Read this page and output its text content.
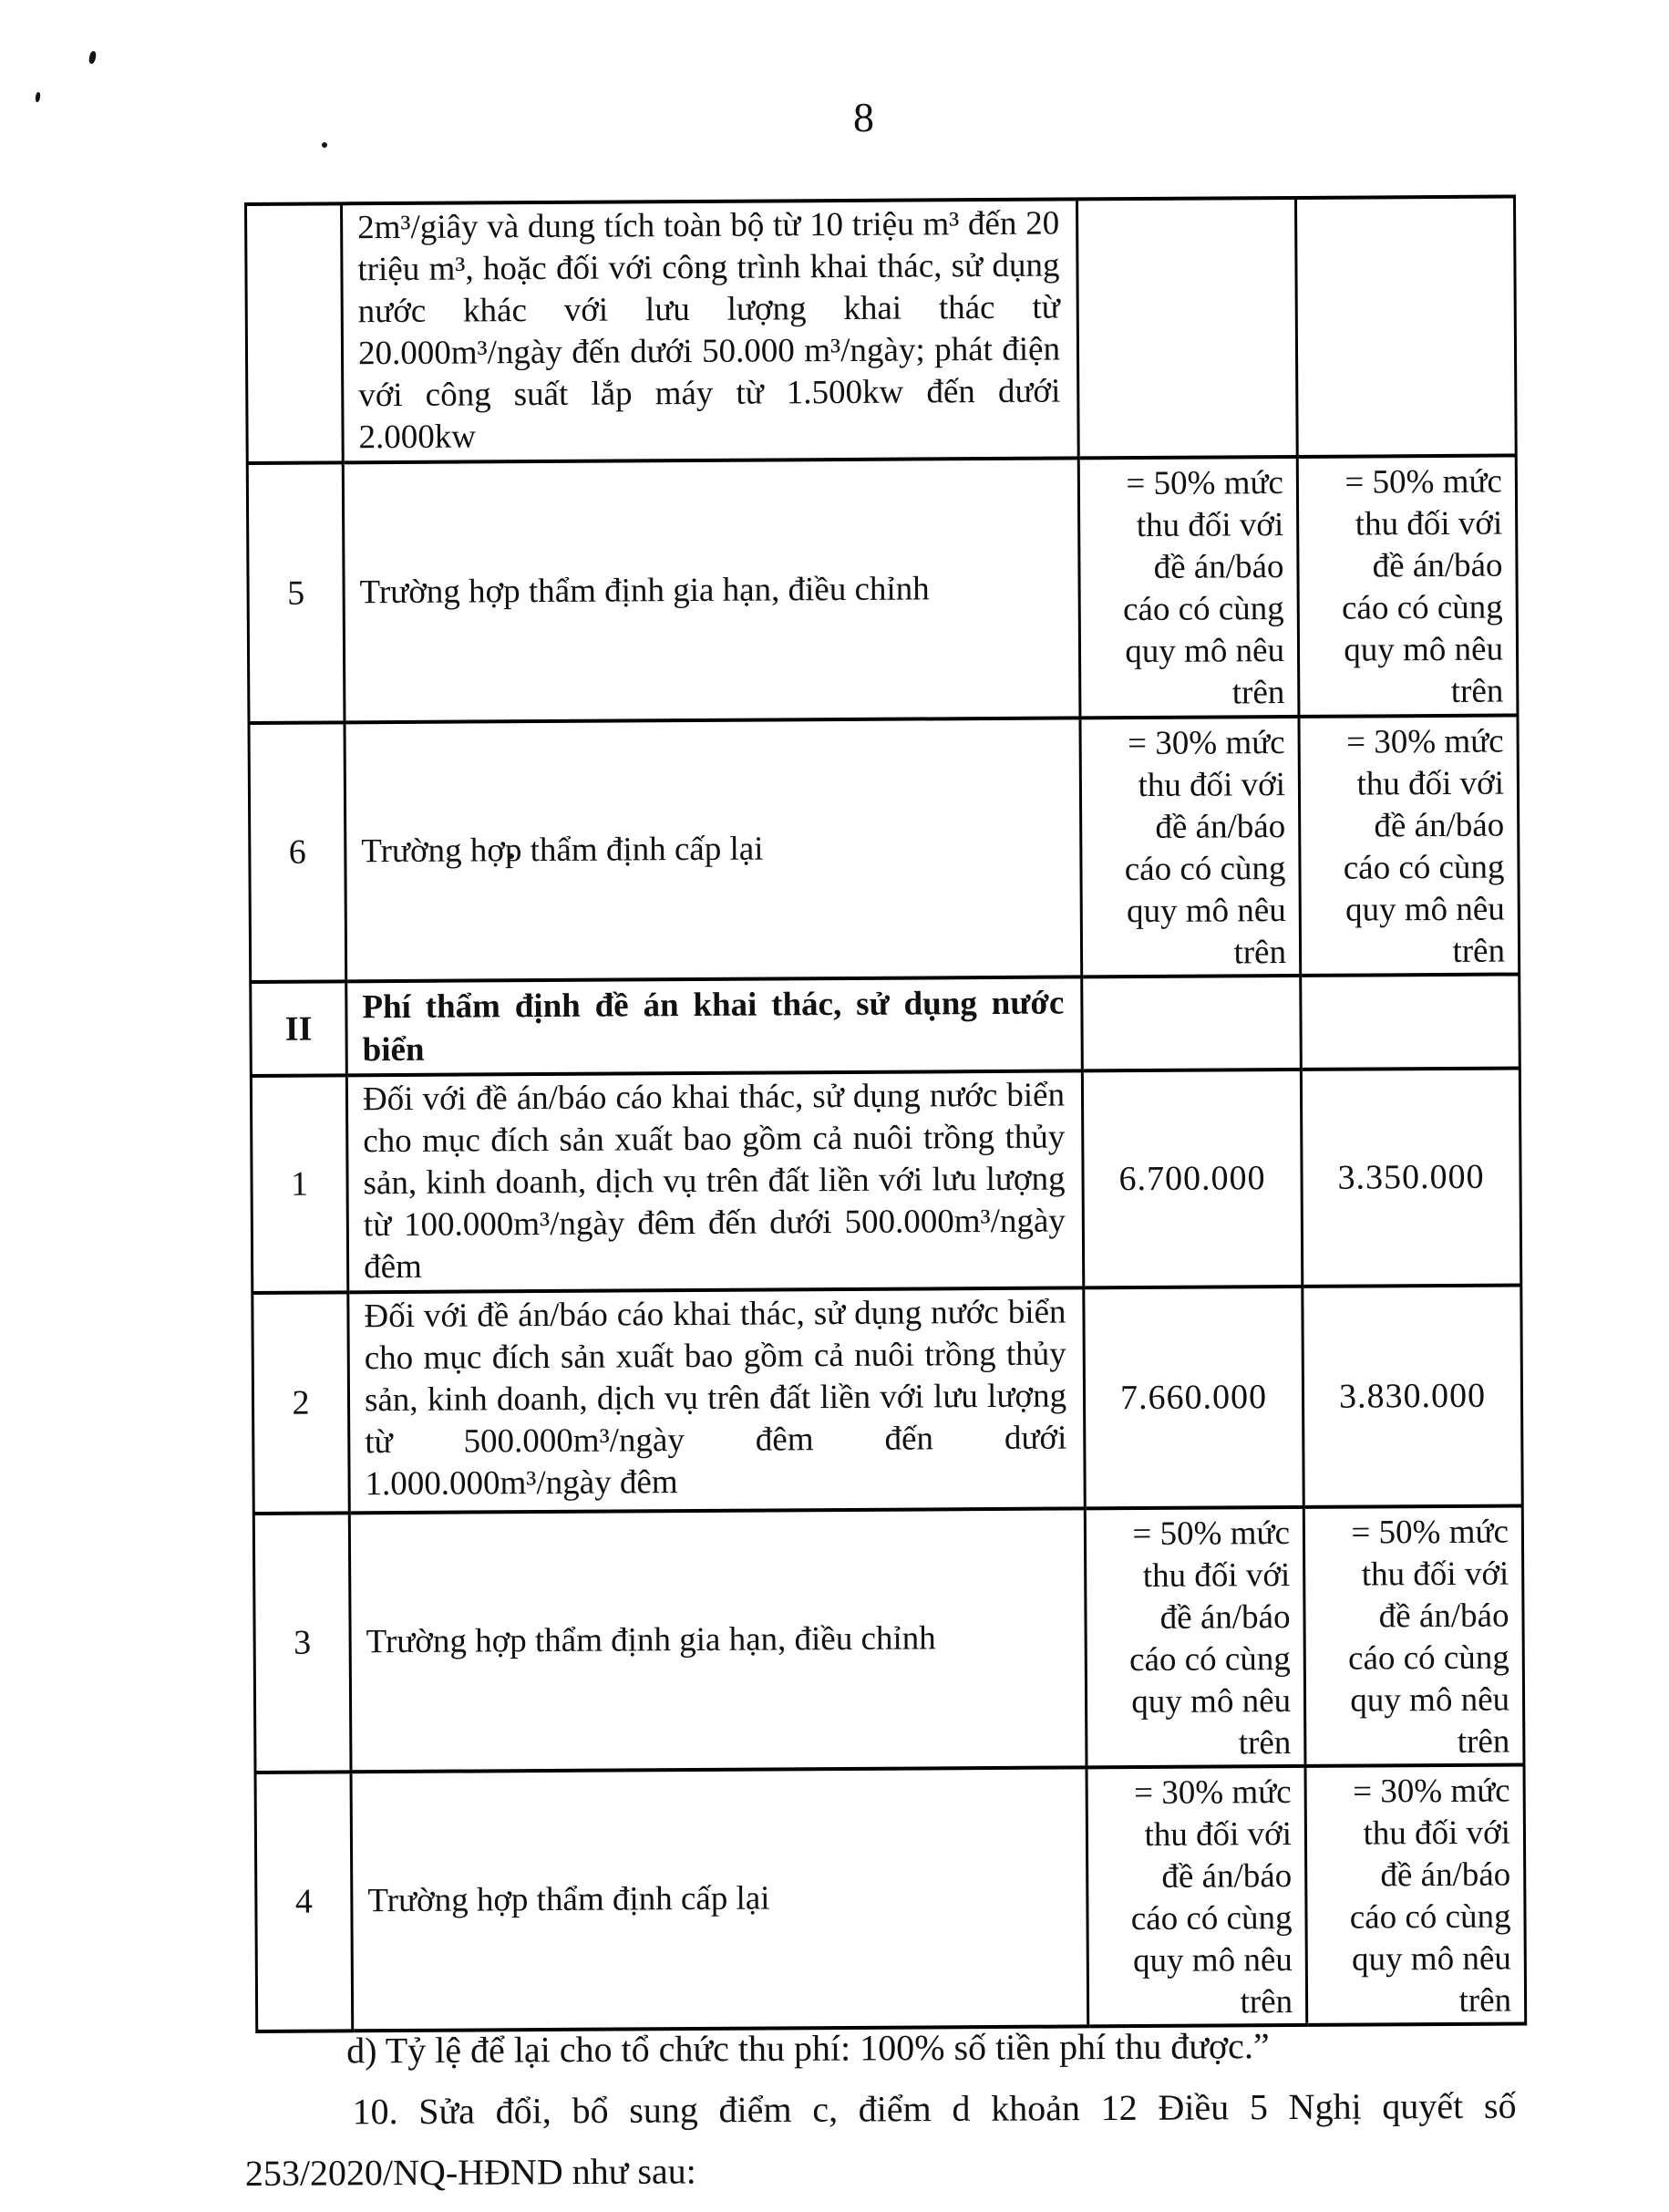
8
	2m³/giây và dung tích toàn bộ từ 10 triệu m³ đến 20 triệu m³, hoặc đối với công trình khai thác, sử dụng nước khác với lưu lượng khai thác từ 20.000m³/ngày đến dưới 50.000 m³/ngày; phát điện với công suất lắp máy từ 1.500kw đến dưới 2.000kw		
5	Trường hợp thẩm định gia hạn, điều chỉnh	= 50% mức
thu đối với
đề án/báo
cáo có cùng
quy mô nêu
trên	= 50% mức
thu đối với
đề án/báo
cáo có cùng
quy mô nêu
trên
6	Trường hợp thẩm định cấp lại	= 30% mức
thu đối với
đề án/báo
cáo có cùng
quy mô nêu
trên	= 30% mức
thu đối với
đề án/báo
cáo có cùng
quy mô nêu
trên
II	Phí thẩm định đề án khai thác, sử dụng nước biển		
1	Đối với đề án/báo cáo khai thác, sử dụng nước biển cho mục đích sản xuất bao gồm cả nuôi trồng thủy sản, kinh doanh, dịch vụ trên đất liền với lưu lượng từ 100.000m³/ngày đêm đến dưới 500.000m³/ngày đêm	6.700.000	3.350.000
2	Đối với đề án/báo cáo khai thác, sử dụng nước biển cho mục đích sản xuất bao gồm cả nuôi trồng thủy sản, kinh doanh, dịch vụ trên đất liền với lưu lượng từ 500.000m³/ngày đêm đến dưới 1.000.000m³/ngày đêm	7.660.000	3.830.000
3	Trường hợp thẩm định gia hạn, điều chỉnh	= 50% mức
thu đối với
đề án/báo
cáo có cùng
quy mô nêu
trên	= 50% mức
thu đối với
đề án/báo
cáo có cùng
quy mô nêu
trên
4	Trường hợp thẩm định cấp lại	= 30% mức
thu đối với
đề án/báo
cáo có cùng
quy mô nêu
trên	= 30% mức
thu đối với
đề án/báo
cáo có cùng
quy mô nêu
trên

d) Tỷ lệ để lại cho tổ chức thu phí: 100% số tiền phí thu được.”

10. Sửa đổi, bổ sung điểm c, điểm d khoản 12 Điều 5 Nghị quyết số 253/2020/NQ-HĐND như sau:
